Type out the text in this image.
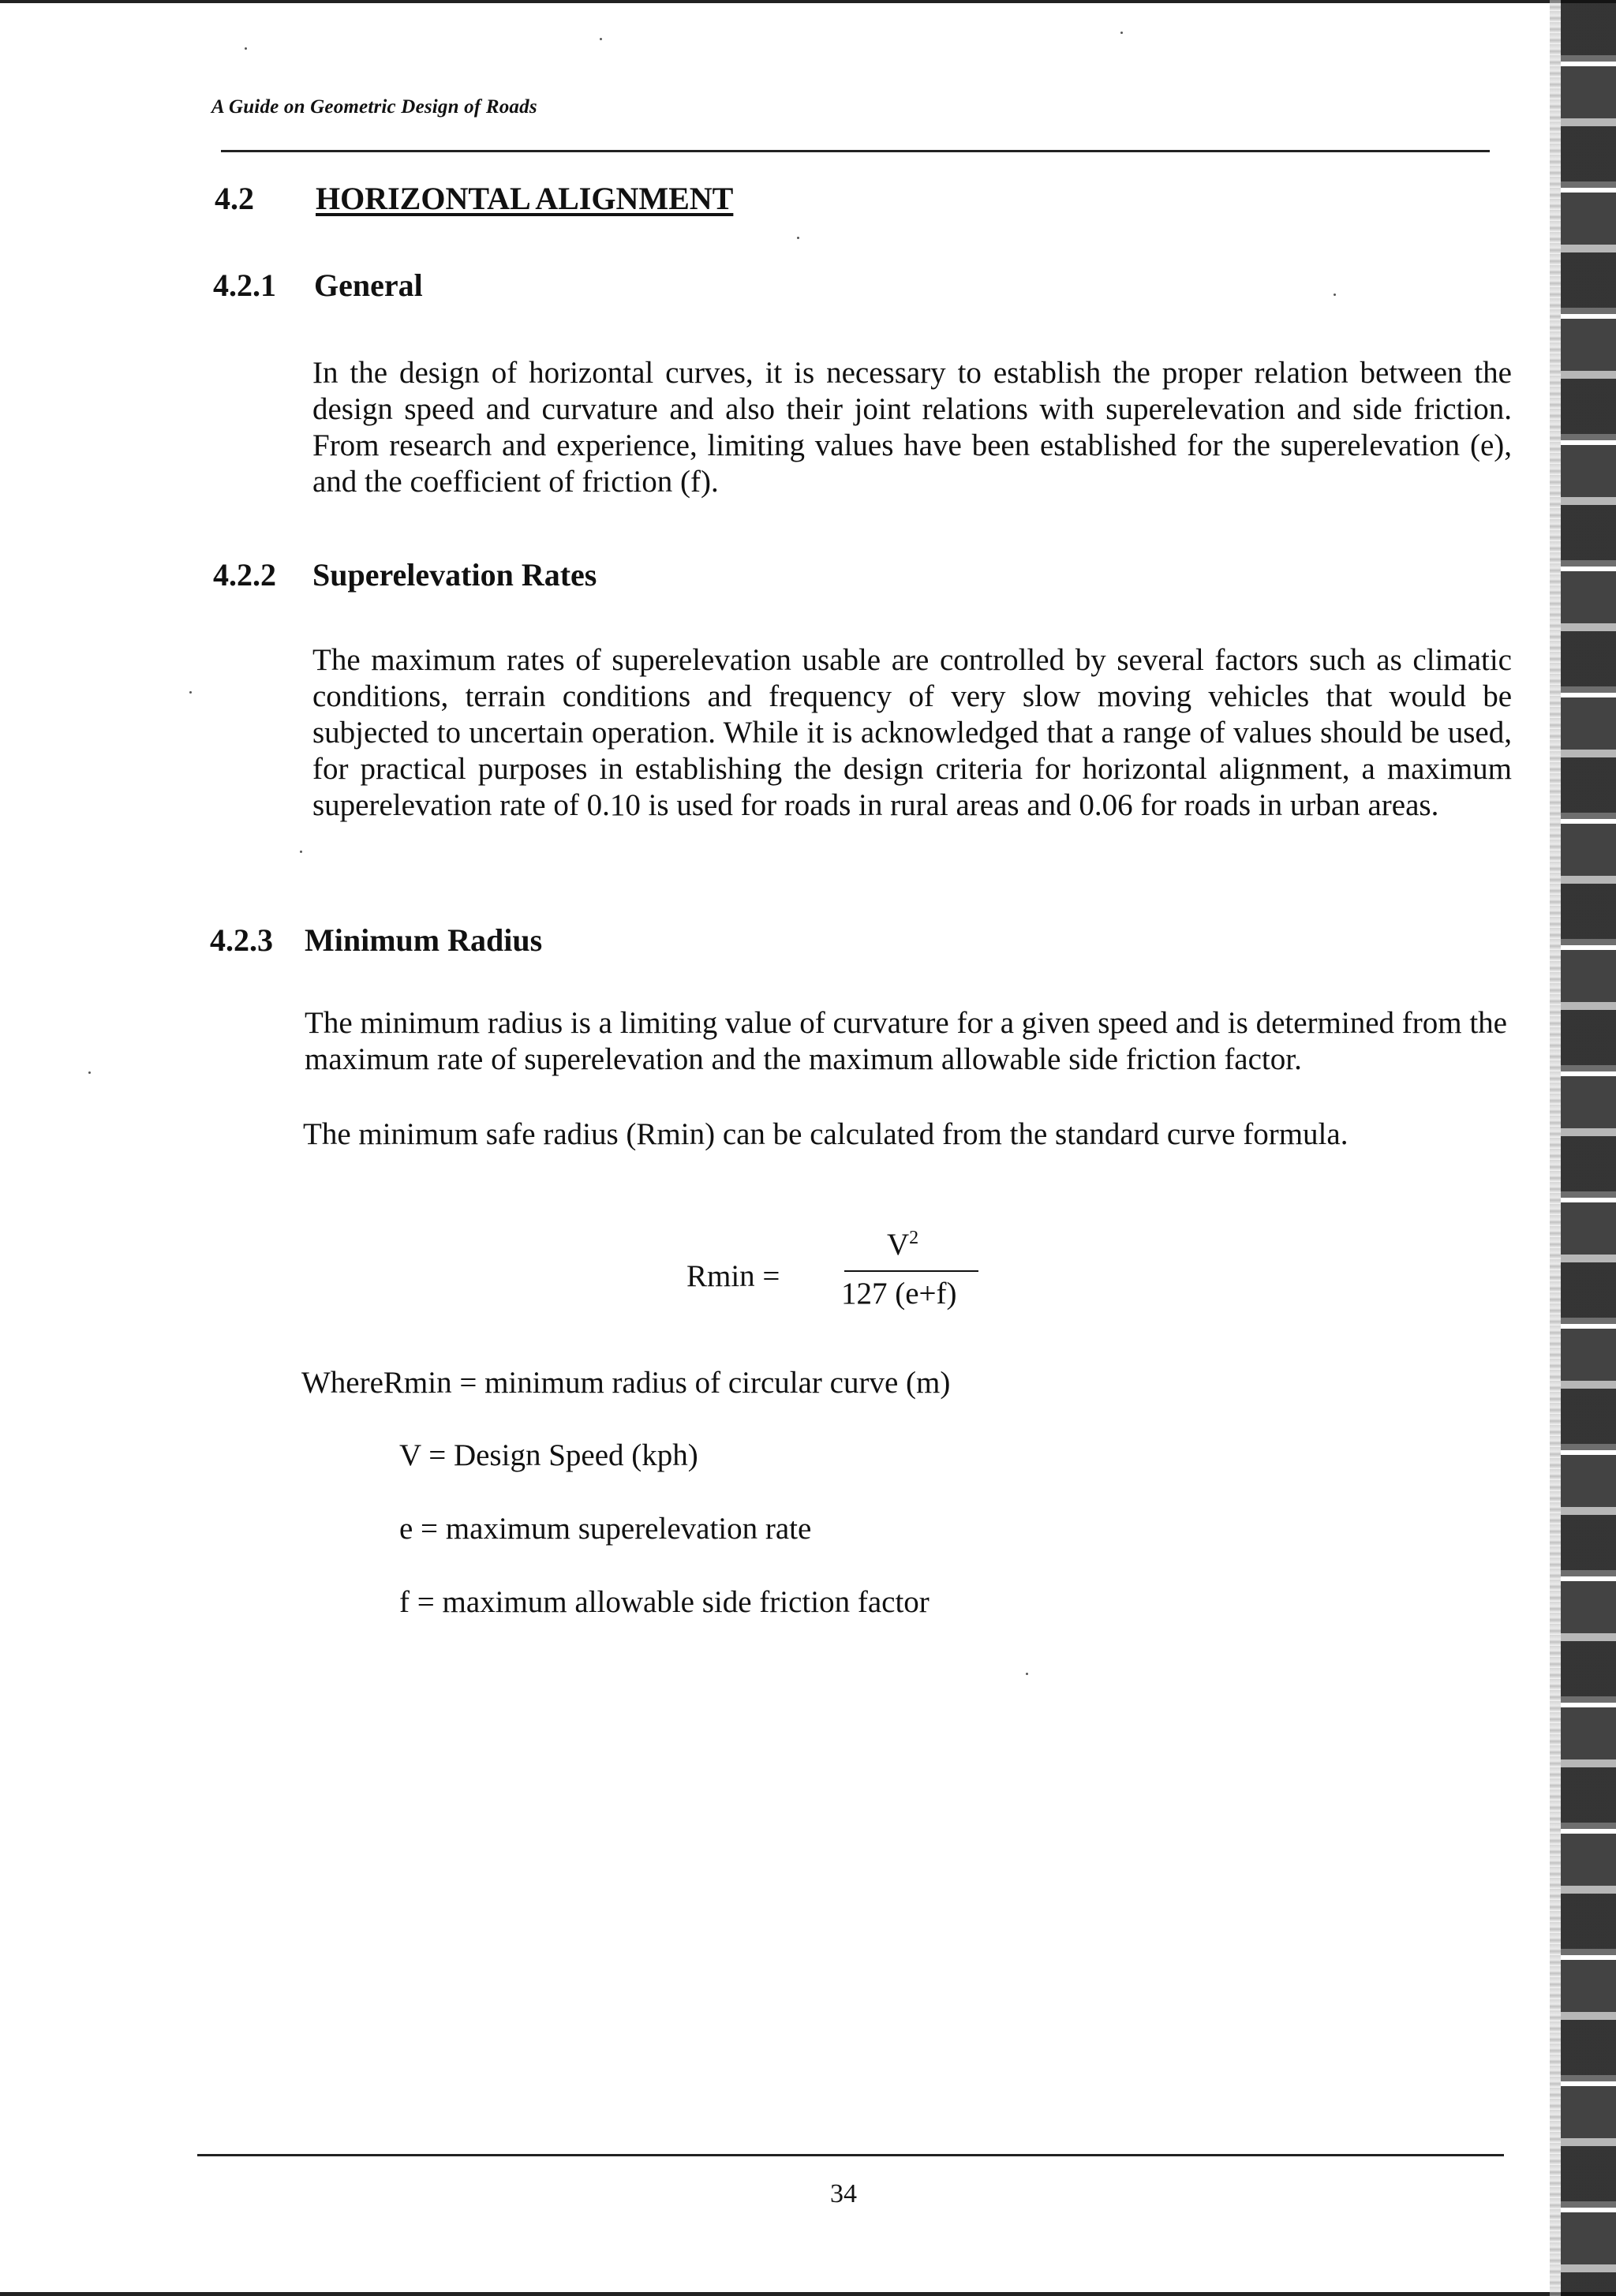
A Guide on Geometric Design of Roads
4.2 HORIZONTAL ALIGNMENT
4.2.1 General
In the design of horizontal curves, it is necessary to establish the proper relation between the design speed and curvature and also their joint relations with superelevation and side friction. From research and experience, limiting values have been established for the superelevation (e), and the coefficient of friction (f).
4.2.2 Superelevation Rates
The maximum rates of superelevation usable are controlled by several factors such as climatic conditions, terrain conditions and frequency of very slow moving vehicles that would be subjected to uncertain operation. While it is acknowledged that a range of values should be used, for practical purposes in establishing the design criteria for horizontal alignment, a maximum superelevation rate of 0.10 is used for roads in rural areas and 0.06 for roads in urban areas.
4.2.3 Minimum Radius
The minimum radius is a limiting value of curvature for a given speed and is determined from the maximum rate of superelevation and the maximum allowable side friction factor.
The minimum safe radius (Rmin) can be calculated from the standard curve formula.
Rmin =
$V^2$
127 (e+f)
WhereRmin = minimum radius of circular curve (m)
V = Design Speed (kph)
e = maximum superelevation rate
f = maximum allowable side friction factor
34
